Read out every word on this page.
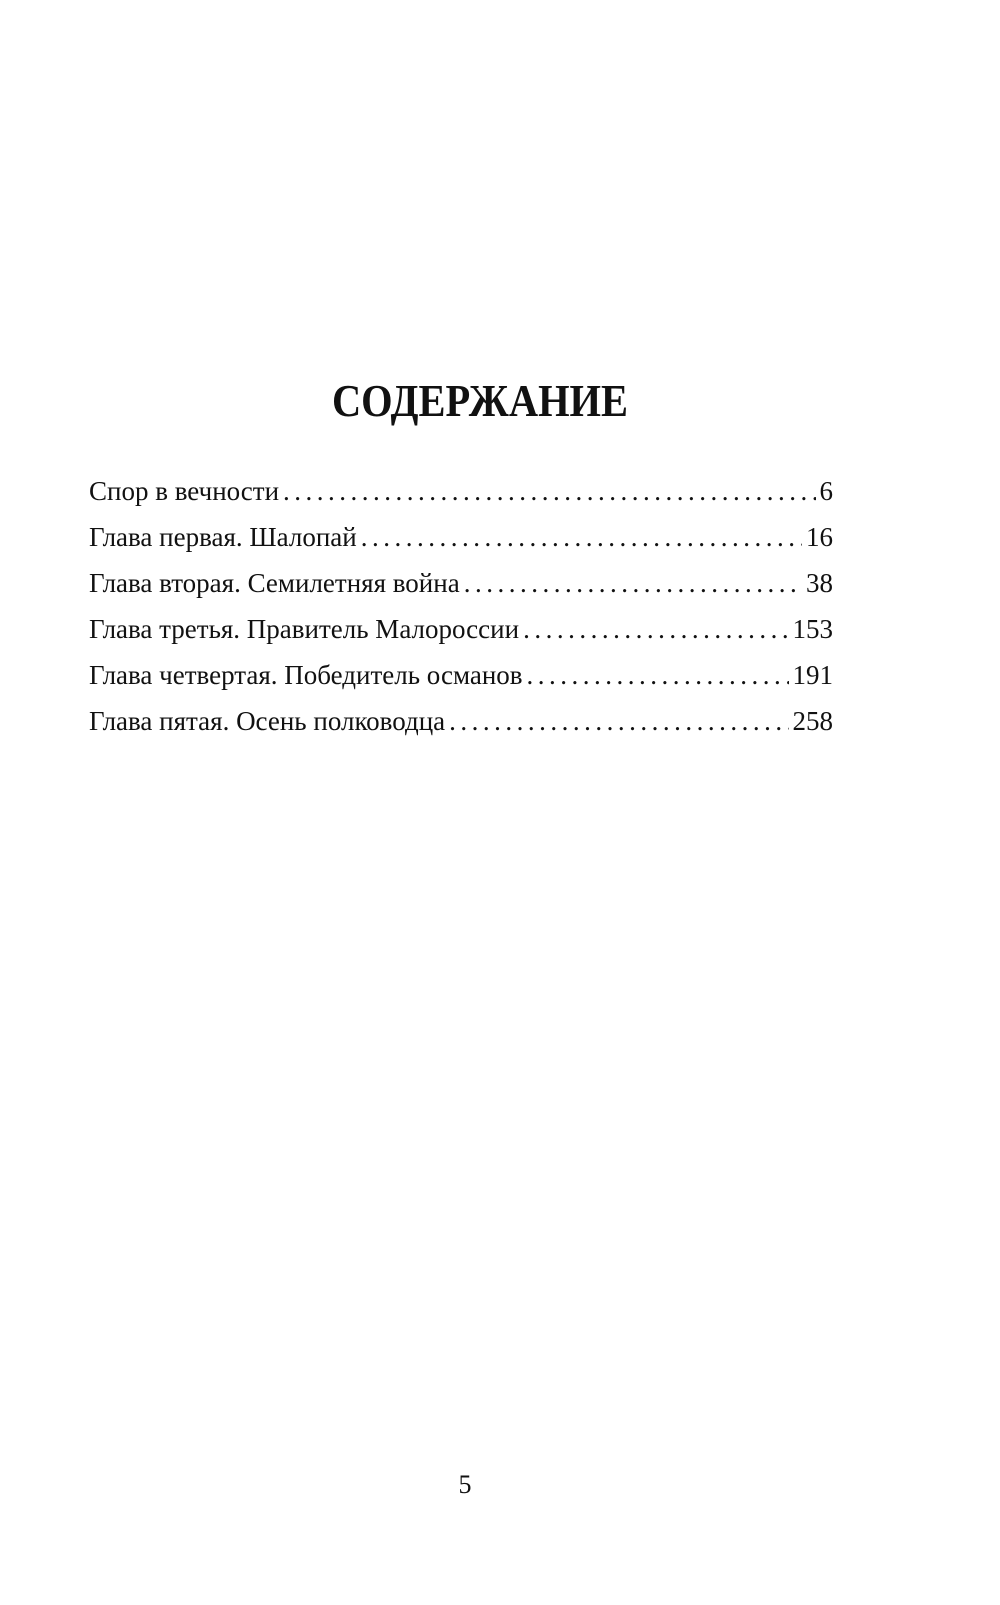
СОДЕРЖАНИЕ
Спор в вечности .....	6
Глава первая. Шалопай .....	16
Глава вторая. Семилетняя война .....	38
Глава третья. Правитель Малороссии .....	153
Глава четвертая. Победитель османов .....	191
Глава пятая. Осень полководца .....	258
5
